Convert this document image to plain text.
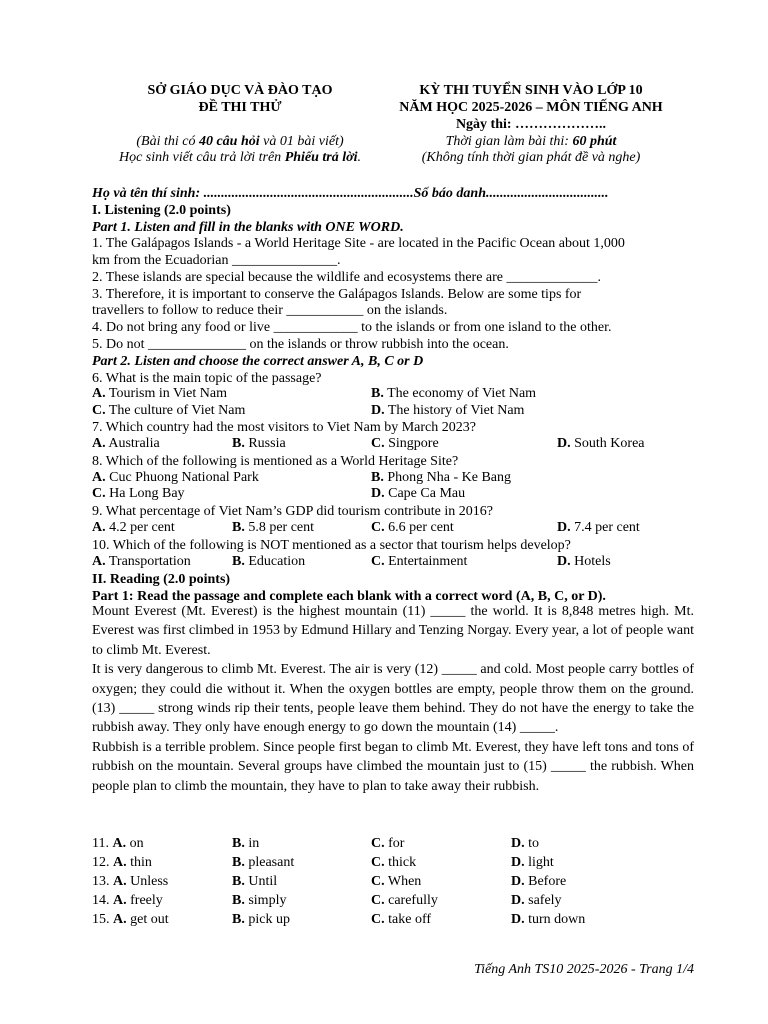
SỞ GIÁO DỤC VÀ ĐÀO TẠO
ĐỀ THI THỬ
KỲ THI TUYỂN SINH VÀO LỚP 10
NĂM HỌC 2025-2026 – MÔN TIẾNG ANH
Ngày thi: ………………..
(Bài thi có 40 câu hỏi và 01 bài viết)
Học sinh viết câu trả lời trên Phiếu trả lời.
Thời gian làm bài thi: 60 phút
(Không tính thời gian phát đề và nghe)
Họ và tên thí sinh: ............................................................Số báo danh...................................
I. Listening (2.0 points)
Part 1. Listen and fill in the blanks with ONE WORD.
1. The Galápagos Islands - a World Heritage Site - are located in the Pacific Ocean about 1,000
km from the Ecuadorian _______________.
2. These islands are special because the wildlife and ecosystems there are _____________.
3. Therefore, it is important to conserve the Galápagos Islands. Below are some tips for
travellers to follow to reduce their ___________ on the islands.
4. Do not bring any food or live ____________ to the islands or from one island to the other.
5. Do not ______________ on the islands or throw rubbish into the ocean.
Part 2. Listen and choose the correct answer A, B, C or D
6. What is the main topic of the passage?
A. Tourism in Viet Nam	B. The economy of Viet Nam
C. The culture of Viet Nam	D. The history of Viet Nam
7. Which country had the most visitors to Viet Nam by March 2023?
A. Australia	B. Russia	C. Singpore	D. South Korea
8. Which of the following is mentioned as a World Heritage Site?
A. Cuc Phuong National Park	B. Phong Nha - Ke Bang
C. Ha Long Bay	D. Cape Ca Mau
9. What percentage of Viet Nam’s GDP did tourism contribute in 2016?
A. 4.2 per cent	B. 5.8 per cent	C. 6.6 per cent	D. 7.4 per cent
10. Which of the following is NOT mentioned as a sector that tourism helps develop?
A. Transportation	B. Education	C. Entertainment	D. Hotels
II. Reading (2.0 points)
Part 1: Read the passage and complete each blank with a correct word (A, B, C, or D).

Mount Everest (Mt. Everest) is the highest mountain (11) _____ the world. It is 8,848 metres high. Mt. Everest was first climbed in 1953 by Edmund Hillary and Tenzing Norgay. Every year, a lot of people want to climb Mt. Everest.

It is very dangerous to climb Mt. Everest. The air is very (12) _____ and cold. Most people carry bottles of oxygen; they could die without it. When the oxygen bottles are empty, people throw them on the ground. (13) _____ strong winds rip their tents, people leave them behind. They do not have the energy to take the rubbish away. They only have enough energy to go down the mountain (14) _____.

Rubbish is a terrible problem. Since people first began to climb Mt. Everest, they have left tons and tons of rubbish on the mountain. Several groups have climbed the mountain just to (15) _____ the rubbish. When people plan to climb the mountain, they have to plan to take away their rubbish.

11. A. on	B. in	C. for	D. to
12. A. thin	B. pleasant	C. thick	D. light
13. A. Unless	B. Until	C. When	D. Before
14. A. freely	B. simply	C. carefully	D. safely
15. A. get out	B. pick up	C. take off	D. turn down
Tiếng Anh TS10 2025-2026 - Trang 1/4
